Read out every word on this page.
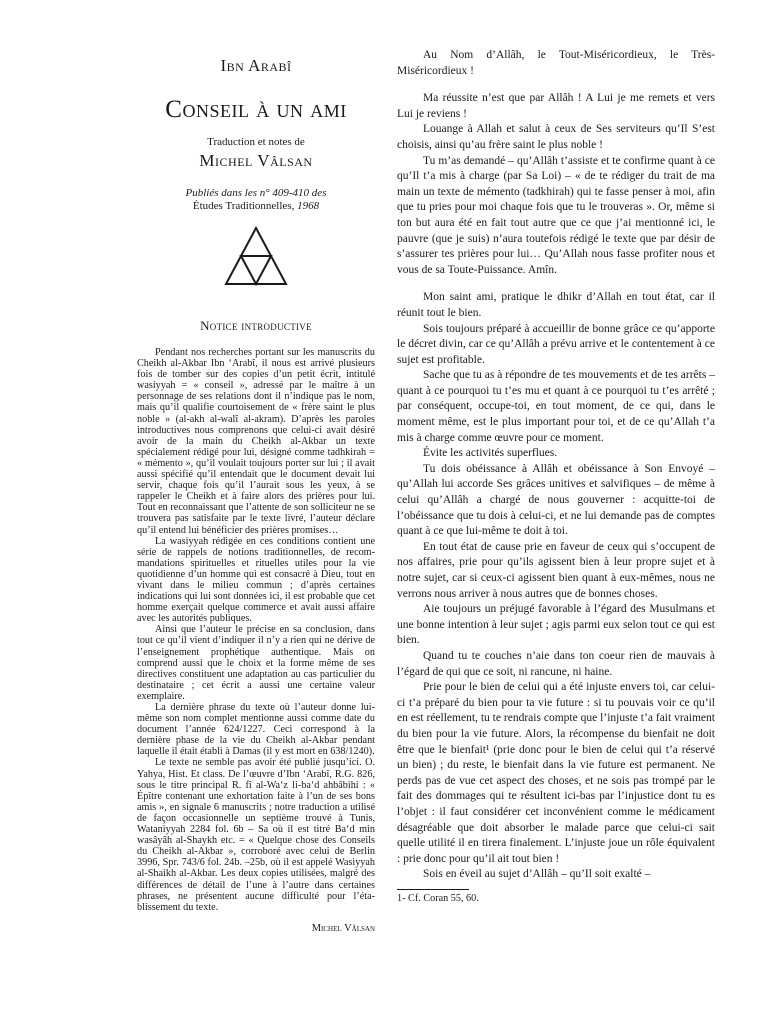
Ibn Arabî
Conseil à un ami
Traduction et notes de
Michel Vâlsan
Publiés dans les n° 409-410 des
Études Traditionnelles, 1968
Notice introductive

Pendant nos recherches portant sur les manuscrits du Cheikh al-Akbar Ibn ‘Arabî, il nous est arrivé plusieurs fois de tomber sur des copies d’un petit écrit, intitulé wasiyyah = « conseil », adressé par le maître à un personnage de ses relations dont il n’indique pas le nom, mais qu’il qualifie courtoisement de « frère saint le plus noble » (al-akh al-walî al-akram). D’après les paroles introductives nous comprenons que celui-ci avait désiré avoir de la main du Cheikh al-Akbar un texte spécialement rédigé pour lui, désigné comme tadhkirah = « mémento », qu’il voulait toujours porter sur lui ; il avait aussi spécifié qu’il entendait que le document devait lui servir, chaque fois qu’il l’aurait sous les yeux, à se rappeler le Cheikh et à faire alors des prières pour lui. Tout en reconnaissant que l’attente de son solliciteur ne se trouvera pas satisfaite par le texte livré, l’auteur déclare qu’il entend lui bénéficier des prières promises…

La wasiyyah rédigée en ces conditions contient une série de rappels de notions traditionnelles, de recom-mandations spirituelles et rituelles utiles pour la vie quotidienne d’un homme qui est consacré à Dieu, tout en vivant dans le milieu commun ; d’après certaines indications qui lui sont données ici, il est probable que cet homme exerçait quelque commerce et avait aussi affaire avec les autorités publiques.

Ainsi que l’auteur le précise en sa conclusion, dans tout ce qu’il vient d’indiquer il n’y a rien qui ne dérive de l’enseignement prophétique authentique. Mais on comprend aussi que le choix et la forme même de ses directives constituent une adaptation au cas particulier du destinataire ; cet écrit a aussi une certaine valeur exemplaire.

La dernière phrase du texte où l’auteur donne lui-même son nom complet mentionne aussi comme date du document l’année 624/1227. Ceci correspond à la dernière phase de la vie du Cheikh al-Akbar pendant laquelle il était établi à Damas (il y est mort en 638/1240).

Le texte ne semble pas avoir été publié jusqu’ici. O. Yahya, Hist. Et class. De l’œuvre d’Ibn ‘Arabî, R.G. 826, sous le titre principal R. fî al-Wa‘z li-ba‘d ahbâbihi : « Épître contenant une exhortation faite à l’un de ses bons amis », en signale 6 manuscrits ; notre traduction a utilisé de façon occasionnelle un septième trouvé à Tunis, Wataniyyah 2284 fol. 6b – Sa où il est titré Ba‘d min wasâyâh al-Shaykh etc. = « Quelque chose des Conseils du Cheikh al-Akbar », corroboré avec celui de Berlin 3996, Spr. 743/6 fol. 24b. –25b, où il est appelé Wasiyyah al-Shaikh al-Akbar. Les deux copies utilisées, malgré des différences de détail de l’une à l’autre dans certaines phrases, ne présentent aucune difficulté pour l’éta-blissement du texte.

Michel Vâlsan

Au Nom d’Allâh, le Tout-Miséricordieux, le Très-Miséricordieux !

Ma réussite n’est que par Allâh ! A Lui je me remets et vers Lui je reviens !

Louange à Allah et salut à ceux de Ses serviteurs qu’Il S’est choisis, ainsi qu’au frère saint le plus noble !

Tu m’as demandé – qu’Allâh t’assiste et te confirme quant à ce qu’Il t’a mis à charge (par Sa Loi) – « de te rédiger du trait de ma main un texte de mémento (tadkhirah) qui te fasse penser à moi, afin que tu pries pour moi chaque fois que tu le trouveras ». Or, même si ton but aura été en fait tout autre que ce que j’ai mentionné ici, le pauvre (que je suis) n’aura toutefois rédigé le texte que par désir de s’assurer tes prières pour lui… Qu’Allah nous fasse profiter nous et vous de sa Toute-Puissance. Amîn.

Mon saint ami, pratique le dhikr d’Allah en tout état, car il réunit tout le bien.

Sois toujours préparé à accueillir de bonne grâce ce qu’apporte le décret divin, car ce qu’Allâh a prévu arrive et le contentement à ce sujet est profitable.

Sache que tu as à répondre de tes mouvements et de tes arrêts – quant à ce pourquoi tu t’es mu et quant à ce pourquoi tu t’es arrêté ; par conséquent, occupe-toi, en tout moment, de ce qui, dans le moment même, est le plus important pour toi, et de ce qu’Allah t’a mis à charge comme œuvre pour ce moment.

Évite les activités superflues.

Tu dois obéissance à Allâh et obéissance à Son Envoyé – qu’Allah lui accorde Ses grâces unitives et salvifiques – de même à celui qu’Allâh a chargé de nous gouverner : acquitte-toi de l’obéissance que tu dois à celui-ci, et ne lui demande pas de comptes quant à ce que lui-même te doit à toi.

En tout état de cause prie en faveur de ceux qui s’occupent de nos affaires, prie pour qu’ils agissent bien à leur propre sujet et à notre sujet, car si ceux-ci agissent bien quant à eux-mêmes, nous ne verrons nous arriver à nous autres que de bonnes choses.

Aie toujours un préjugé favorable à l’égard des Musulmans et une bonne intention à leur sujet ; agis parmi eux selon tout ce qui est bien.

Quand tu te couches n’aie dans ton coeur rien de mauvais à l’égard de qui que ce soit, ni rancune, ni haine.

Prie pour le bien de celui qui a été injuste envers toi, car celui-ci t’a préparé du bien pour ta vie future : si tu pouvais voir ce qu’il en est réellement, tu te rendrais compte que l’injuste t’a fait vraiment du bien pour la vie future. Alors, la récompense du bienfait ne doit être que le bienfait¹ (prie donc pour le bien de celui qui t’a réservé un bien) ; du reste, le bienfait dans la vie future est permanent. Ne perds pas de vue cet aspect des choses, et ne sois pas trompé par le fait des dommages qui te résultent ici-bas par l’injustice dont tu es l’objet : il faut considérer cet inconvénient comme le médicament désagréable que doit absorber le malade parce que celui-ci sait quelle utilité il en tirera finalement. L’injuste joue un rôle équivalent : prie donc pour qu’il ait tout bien !

Sois en éveil au sujet d’Allâh – qu’Il soit exalté –

1- Cf. Coran 55, 60.
